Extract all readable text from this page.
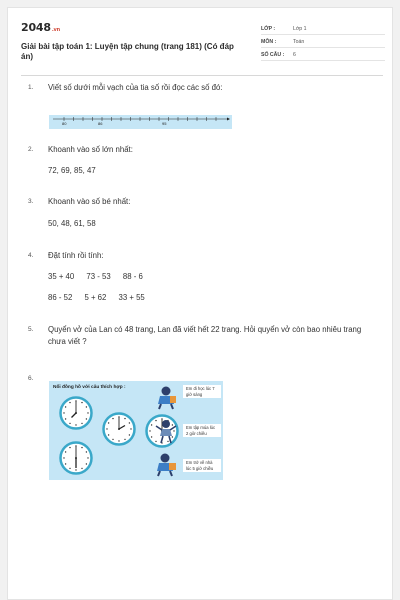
2048.vn
Giải bài tập toán 1: Luyện tập chung (trang 181) (Có đáp án)
LỚP :	Lớp 1
MÔN :	Toán
SỐ CÂU : 6
1. Viết số dưới mỗi vạch của tia số rồi đọc các số đó:
80	86	95
2. Khoanh vào số lớn nhất:
72, 69, 85, 47
3. Khoanh vào số bé nhất:
50, 48, 61, 58
4. Đặt tính rồi tính:
35 + 40 73 - 53 88 - 6
86 - 52 5 + 62 33 + 55
5. Quyển vở của Lan có 48 trang, Lan đã viết hết 22 trang. Hỏi quyển vở còn bao nhiêu trang chưa viết ?
6.
Nối đồng hồ với câu thích hợp :	Em đi học lúc 7 giờ sáng
Em tập múa lúc 2 giờ chiều
Em trở về nhà lúc 5 giờ chiều
